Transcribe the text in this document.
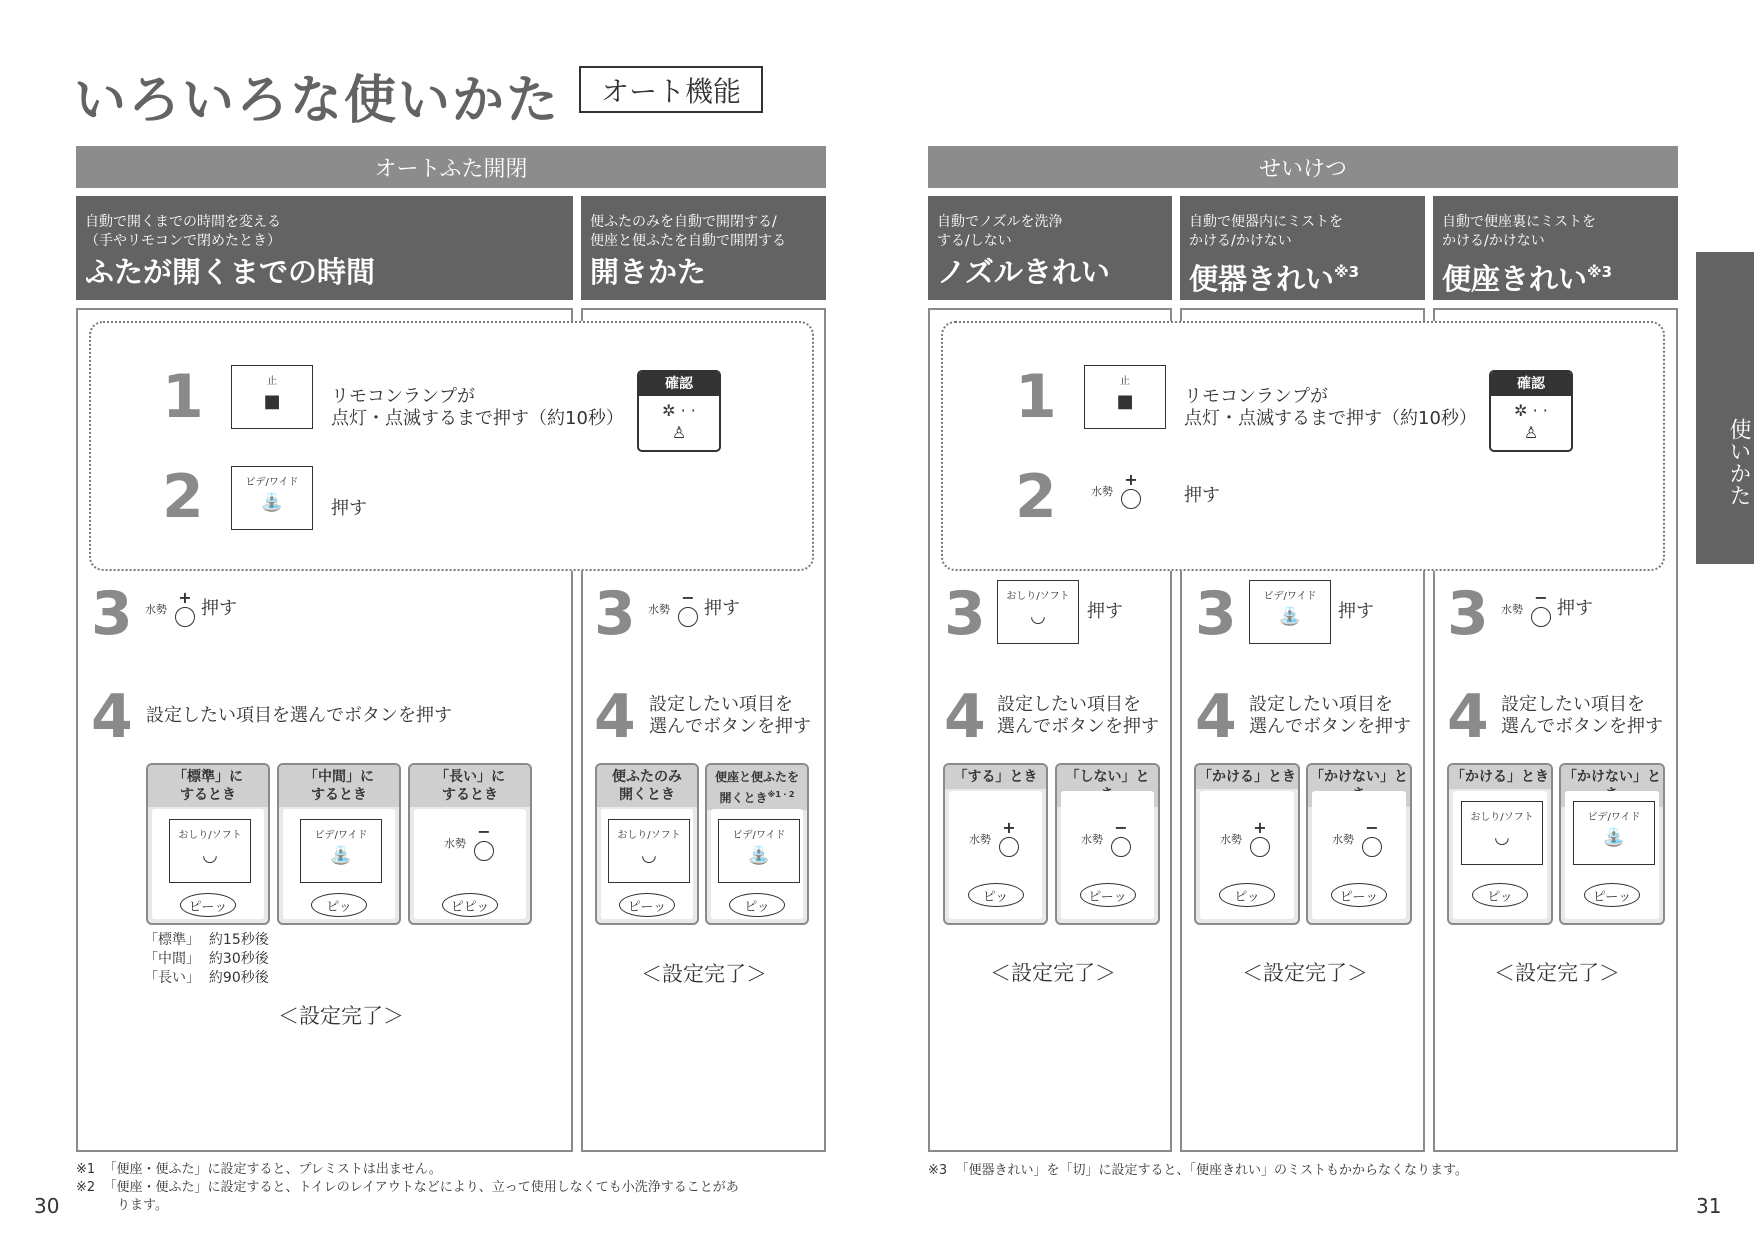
いろいろな使いかた	オート機能
オートふた開閉
自動で開くまでの時間を変える
（手やリモコンで閉めたとき）
ふたが開くまでの時間
便ふたのみを自動で開閉する/
便座と便ふたを自動で開閉する
開きかた
1	止
■	リモコンランプが
点灯・点滅するまで押す（約10秒）
確認
✲ · ·
♙
2	ビデ/ワイド
⛲	押す
3 水勢
+
押す	3 水勢
−
押す
4 設定したい項目を選んでボタンを押す 4 設定したい項目を
選んでボタンを押す
「標準」に
するとき
おしり/ソフト
◡
ピーッ
「中間」に
するとき
ビデ/ワイド
⛲
ピッ
「長い」に
するとき
水勢
−
ピピッ
便ふたのみ
開くとき
おしり/ソフト
◡
ピーッ
便座と便ふたを
開くとき$^{※1・2}$
ビデ/ワイド
⛲
ピッ
「標準」 約15秒後
「中間」 約30秒後
「長い」 約90秒後
＜設定完了＞
＜設定完了＞
※1 「便座・便ふた」に設定すると、プレミストは出ません。
※2 「便座・便ふた」に設定すると、トイレのレイアウトなどにより、立って使用しなくても小洗浄することがあ
ります。
30
せいけつ
自動でノズルを洗浄
する/しない
ノズルきれい
自動で便器内にミストを
かける/かけない
便器きれい$^{※3}$
自動で便座裏にミストを
かける/かけない
便座きれい$^{※3}$
1	止
■	リモコンランプが
点灯・点滅するまで押す（約10秒）
確認
✲ · ·
♙
2	水勢
+
押す
3 おしり/ソフト
◡ 押す 3	ビデ/ワイド
⛲ 押す 3 水勢
−
押す
4 設定したい項目を
選んでボタンを押す 4 設定したい項目を
選んでボタンを押す 4 設定したい項目を
選んでボタンを押す
「する」とき
水勢
+
ピッ
「しない」と
水勢
−
ピーッ
「かける」とき
水勢
+
ピッ
「かけない」と
水勢
−
ピーッ
「かける」とき
おしり/ソフト
◡
ピッ
「かけない」と
ビデ/ワイド
⛲
ピーッ
＜設定完了＞	＜設定完了＞	＜設定完了＞
※3 「便器きれい」を「切」に設定すると、「便座きれい」のミストもかからなくなります。
31
使いかた
